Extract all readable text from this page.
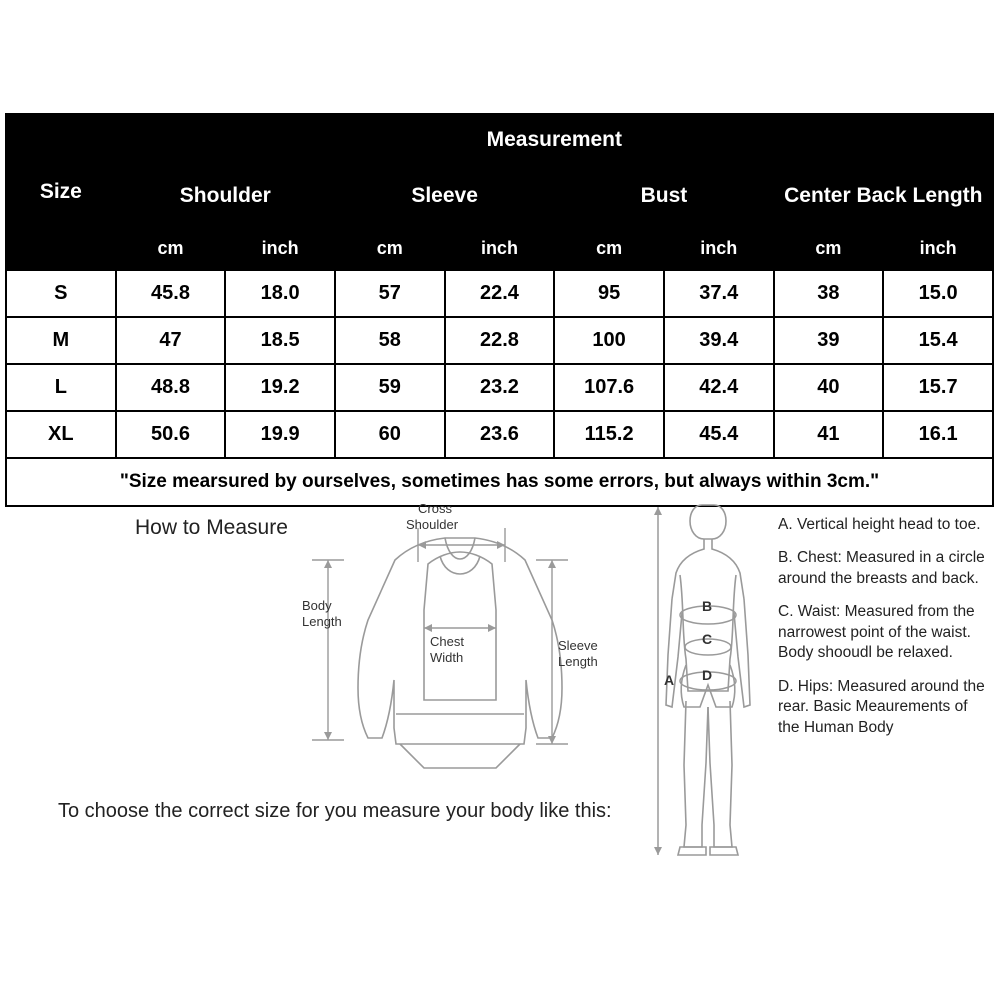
Size	Measurement							
	Shoulder		Sleeve		Bust		Center Back Length	
	cm	inch	cm	inch	cm	inch	cm	inch
S	45.8	18.0	57	22.4	95	37.4	38	15.0
M	47	18.5	58	22.8	100	39.4	39	15.4
L	48.8	19.2	59	23.2	107.6	42.4	40	15.7
XL	50.6	19.9	60	23.6	115.2	45.4	41	16.1
"Size mearsured by ourselves, sometimes has some errors, but always within 3cm."								
How to Measure
To choose the correct size for you measure your body like this:
Cross
Shoulder
Body
Length
Chest
Width
Sleeve
Length
A
B
C
D

A. Vertical height head to toe.

B. Chest: Measured in a circle around the breasts and back.

C. Waist: Measured from the narrowest point of the waist. Body shooudl be relaxed.

D. Hips: Measured around the rear. Basic Meaurements of the Human Body
